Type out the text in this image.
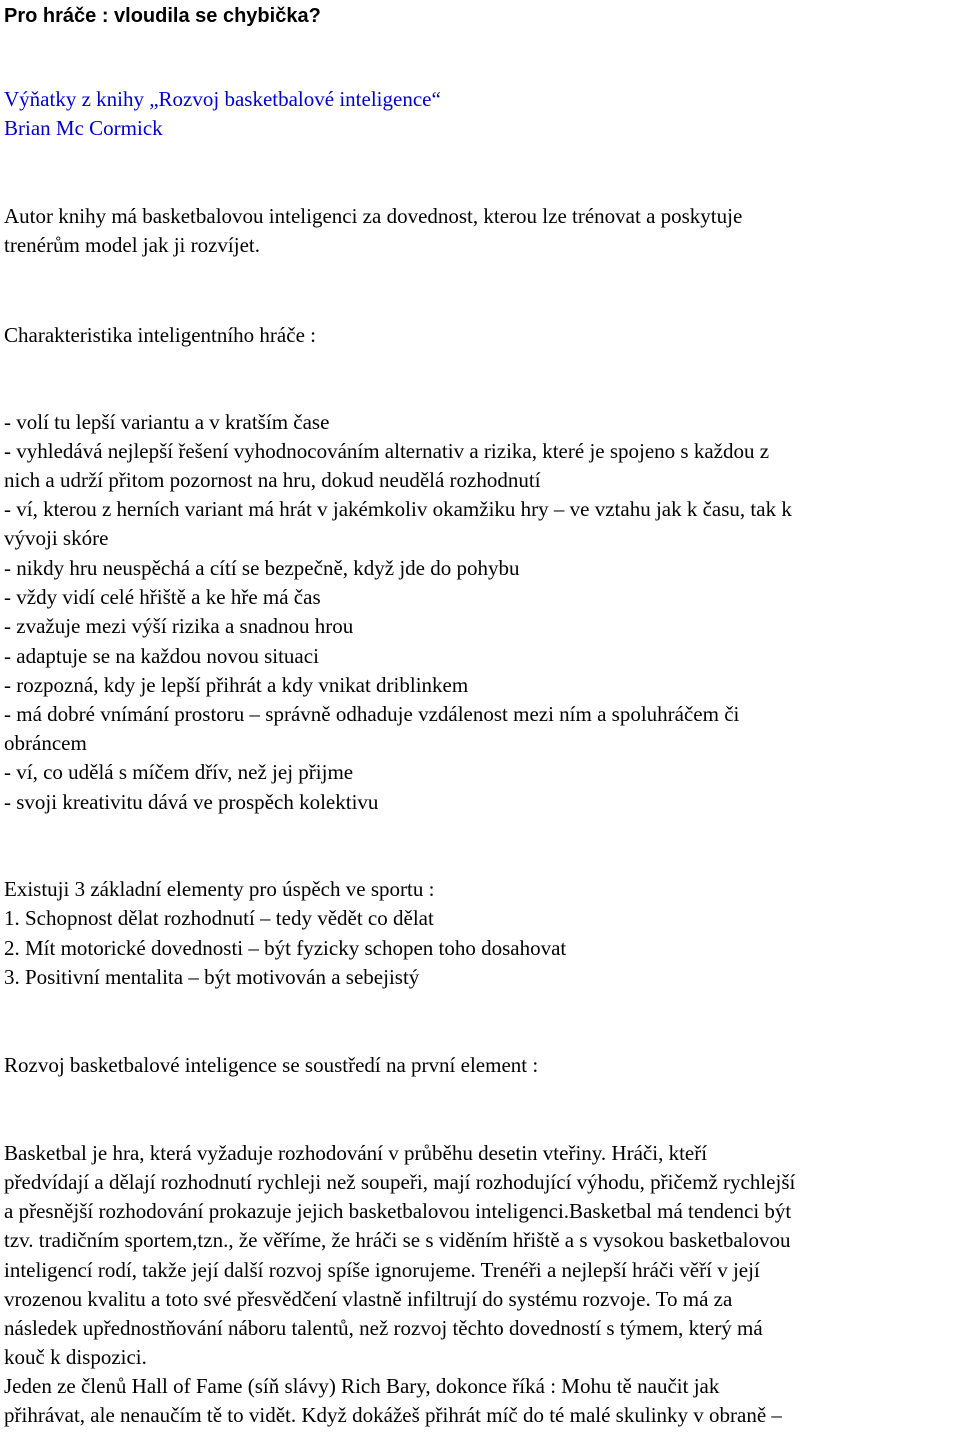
Pro hráče : vloudila se chybička?
Výňatky z knihy „Rozvoj basketbalové inteligence“
Brian Mc Cormick
Autor knihy má basketbalovou inteligenci za dovednost, kterou lze trénovat a poskytuje
trenérům model jak ji rozvíjet.
Charakteristika inteligentního hráče :
- volí tu lepší variantu a v kratším čase
- vyhledává nejlepší řešení vyhodnocováním alternativ a rizika, které je spojeno s každou z
nich a udrží přitom pozornost na hru, dokud neudělá rozhodnutí
- ví, kterou z herních variant má hrát v jakémkoliv okamžiku hry – ve vztahu jak k času, tak k
vývoji skóre
- nikdy hru neuspěchá a cítí se bezpečně, když jde do pohybu
- vždy vidí celé hřiště a ke hře má čas
- zvažuje mezi výší rizika a snadnou hrou
- adaptuje se na každou novou situaci
- rozpozná, kdy je lepší přihrát a kdy vnikat driblinkem
- má dobré vnímání prostoru – správně odhaduje vzdálenost mezi ním a spoluhráčem či
obráncem
- ví, co udělá s míčem dřív, než jej přijme
- svoji kreativitu dává ve prospěch kolektivu
Existuji 3 základní elementy pro úspěch ve sportu :
1. Schopnost dělat rozhodnutí – tedy vědět co dělat
2. Mít motorické dovednosti – být fyzicky schopen toho dosahovat
3. Positivní mentalita – být motivován a sebejistý
Rozvoj basketbalové inteligence se soustředí na první element :
Basketbal je hra, která vyžaduje rozhodování v průběhu desetin vteřiny. Hráči, kteří
předvídají a dělají rozhodnutí rychleji než soupeři, mají rozhodující výhodu, přičemž rychlejší
a přesnější rozhodování prokazuje jejich basketbalovou inteligenci.Basketbal má tendenci být
tzv. tradičním sportem,tzn., že věříme, že hráči se s viděním hřiště a s vysokou basketbalovou
inteligencí rodí, takže její další rozvoj spíše ignorujeme. Trenéři a nejlepší hráči věří v její
vrozenou kvalitu a toto své přesvědčení vlastně infiltrují do systému rozvoje. To má za
následek upřednostňování náboru talentů, než rozvoj těchto dovedností s týmem, který má
kouč k dispozici.
Jeden ze členů Hall of Fame (síň slávy) Rich Bary, dokonce říká : Mohu tě naučit jak
přihrávat, ale nenaučím tě to vidět. Když dokážeš přihrát míč do té malé skulinky v obraně –
